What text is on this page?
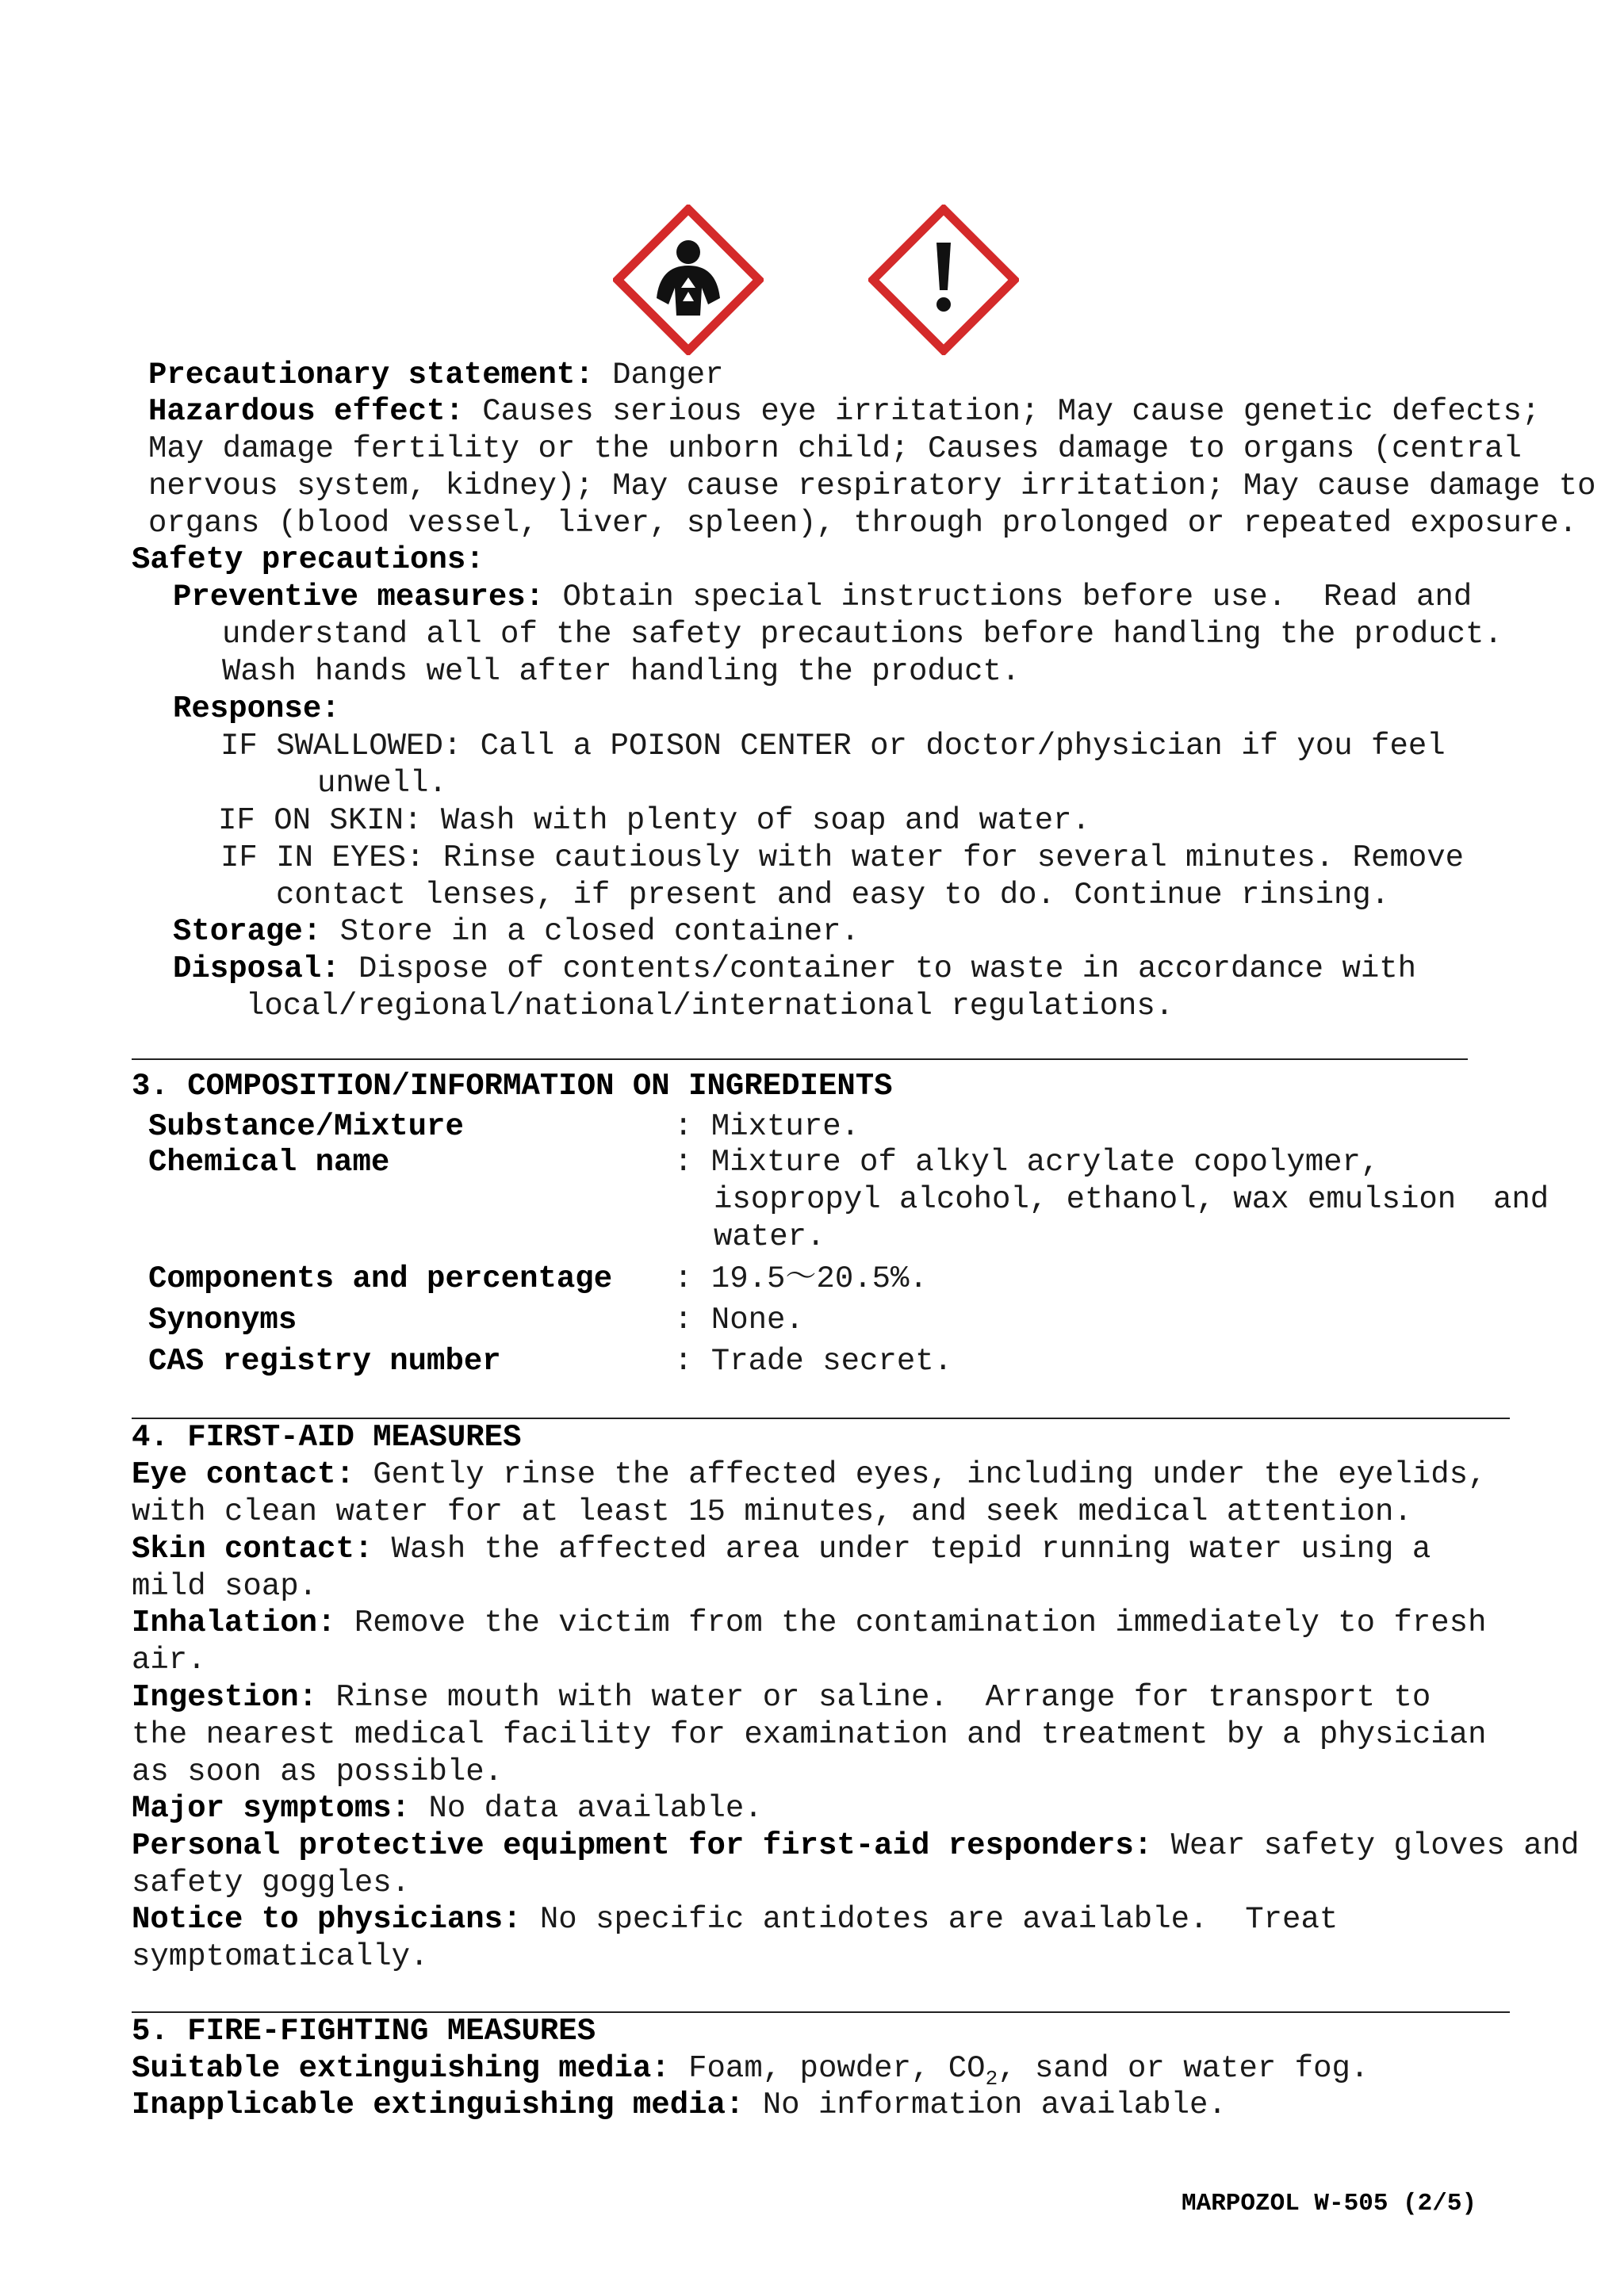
Precautionary statement: Danger
Hazardous effect: Causes serious eye irritation; May cause genetic defects;
May damage fertility or the unborn child; Causes damage to organs (central
nervous system, kidney); May cause respiratory irritation; May cause damage to
organs (blood vessel, liver, spleen), through prolonged or repeated exposure.
Safety precautions:
Preventive measures: Obtain special instructions before use.  Read and
understand all of the safety precautions before handling the product.
Wash hands well after handling the product.
Response:
IF SWALLOWED: Call a POISON CENTER or doctor/physician if you feel
unwell.
IF ON SKIN: Wash with plenty of soap and water.
IF IN EYES: Rinse cautiously with water for several minutes. Remove
contact lenses, if present and easy to do. Continue rinsing.
Storage: Store in a closed container.
Disposal: Dispose of contents/container to waste in accordance with
local/regional/national/international regulations.
3. COMPOSITION/INFORMATION ON INGREDIENTS
Substance/Mixture	: Mixture.
Chemical name	: Mixture of alkyl acrylate copolymer,
isopropyl alcohol, ethanol, wax emulsion  and
water.
Components and percentage : 19.5～20.5%.
Synonyms	: None.
CAS registry number	: Trade secret.
4. FIRST-AID MEASURES
Eye contact: Gently rinse the affected eyes, including under the eyelids,
with clean water for at least 15 minutes, and seek medical attention.
Skin contact: Wash the affected area under tepid running water using a
mild soap.
Inhalation: Remove the victim from the contamination immediately to fresh
air.
Ingestion: Rinse mouth with water or saline.  Arrange for transport to
the nearest medical facility for examination and treatment by a physician
as soon as possible.
Major symptoms: No data available.
Personal protective equipment for first-aid responders: Wear safety gloves and
safety goggles.
Notice to physicians: No specific antidotes are available.  Treat
symptomatically.
5. FIRE-FIGHTING MEASURES
Suitable extinguishing media: Foam, powder, $CO_2$, sand or water fog.
Inapplicable extinguishing media: No information available.
MARPOZOL W-505 (2/5)
